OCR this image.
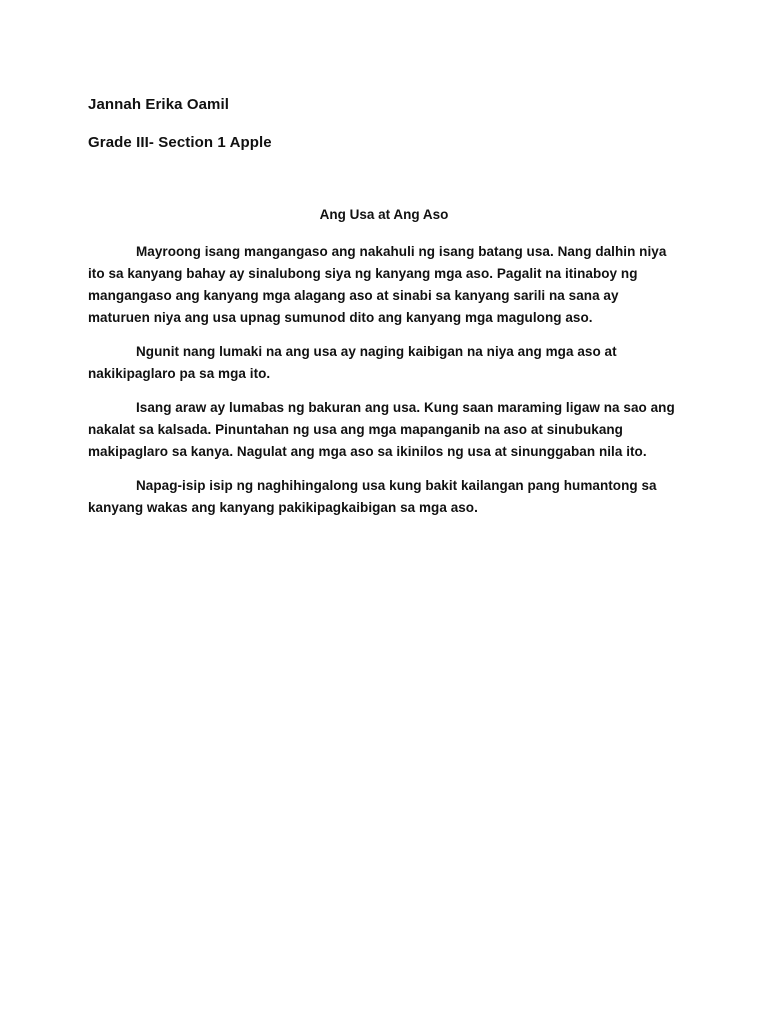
Jannah Erika Oamil

Grade III- Section 1 Apple

Ang Usa at Ang Aso

Mayroong isang mangangaso ang nakahuli ng isang batang usa. Nang dalhin niya ito sa kanyang bahay ay sinalubong siya ng kanyang mga aso. Pagalit na itinaboy ng mangangaso ang kanyang mga alagang aso at sinabi sa kanyang sarili na sana ay maturuen niya ang usa upnag sumunod dito ang kanyang mga magulong aso.

Ngunit nang lumaki na ang usa ay naging kaibigan na niya ang mga aso at nakikipaglaro pa sa mga ito.

Isang araw ay lumabas ng bakuran ang usa. Kung saan maraming ligaw na sao ang nakalat sa kalsada. Pinuntahan ng usa ang mga mapanganib na aso at sinubukang makipaglaro sa kanya. Nagulat ang mga aso sa ikinilos ng usa at sinunggaban nila ito.

Napag-isip isip ng naghihingalong usa kung bakit kailangan pang humantong sa kanyang wakas ang kanyang pakikipagkaibigan sa mga aso.
